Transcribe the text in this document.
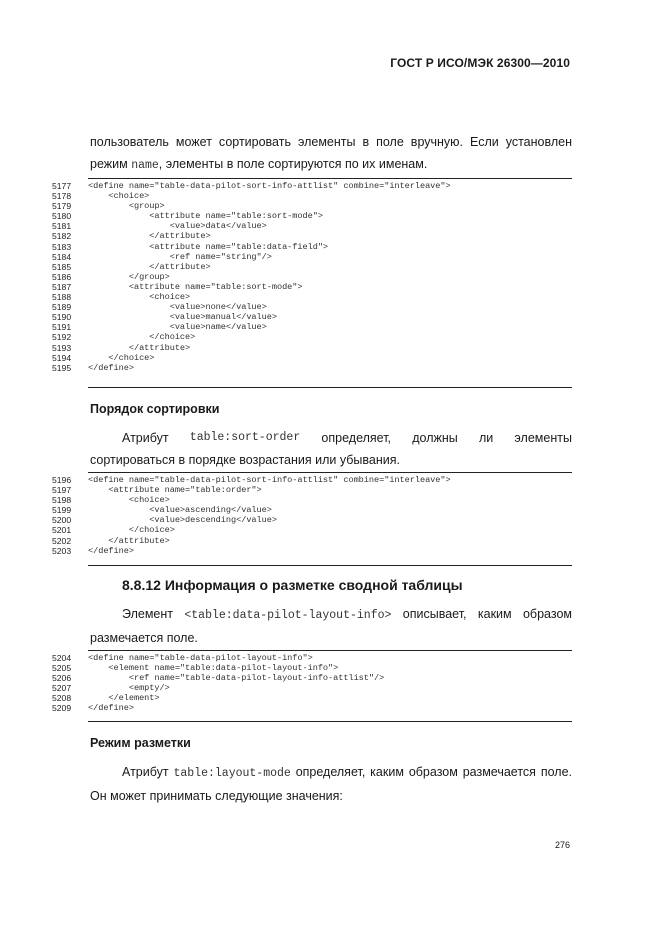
ГОСТ Р ИСО/МЭК 26300—2010
пользователь может сортировать элементы в поле вручную. Если установлен
режим name, элементы в поле сортируются по их именам.
5177	<define name="table-data-pilot-sort-info-attlist" combine="interleave">
5178	<choice>
5179	<group>
5180	<attribute name="table:sort-mode">
5181	<value>data</value>
5182	</attribute>
5183	<attribute name="table:data-field">
5184	<ref name="string"/>
5185	</attribute>
5186	</group>
5187	<attribute name="table:sort-mode">
5188	<choice>
5189	<value>none</value>
5190	<value>manual</value>
5191	<value>name</value>
5192	</choice>
5193	</attribute>
5194	</choice>
5195	</define>
Порядок сортировки
Атрибут table:sort-order определяет, должны ли элементы
сортироваться в порядке возрастания или убывания.
5196	<define name="table-data-pilot-sort-info-attlist" combine="interleave">
5197	<attribute name="table:order">
5198	<choice>
5199	<value>ascending</value>
5200	<value>descending</value>
5201	</choice>
5202	</attribute>
5203	</define>
8.8.12 Информация о разметке сводной таблицы
Элемент <table:data-pilot-layout-info> описывает, каким образом
размечается поле.
5204	<define name="table-data-pilot-layout-info">
5205	<element name="table:data-pilot-layout-info">
5206	<ref name="table-data-pilot-layout-info-attlist"/>
5207	<empty/>
5208	</element>
5209	</define>
Режим разметки
Атрибут table:layout-mode определяет, каким образом размечается поле.
Он может принимать следующие значения:
276
